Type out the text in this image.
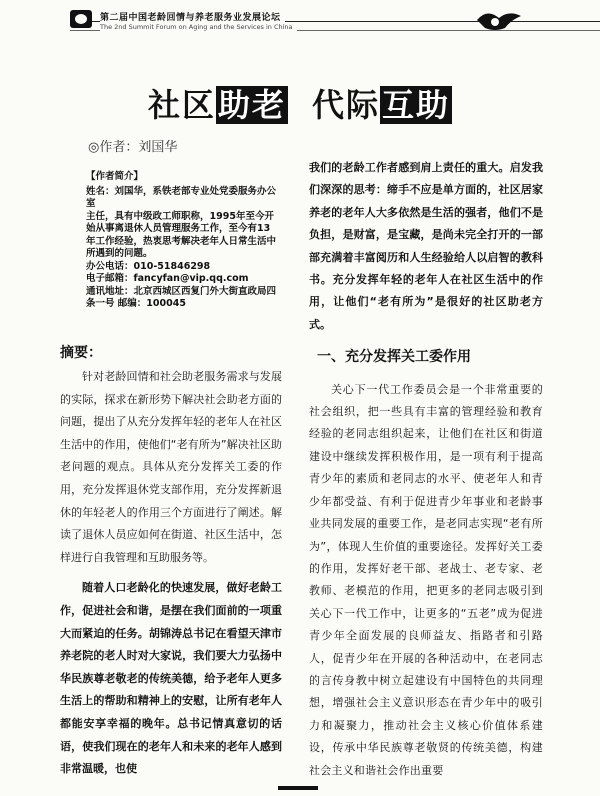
第二届中国老龄回情与养老服务业发展论坛
The 2nd Summit Forum on Aging and the Services in China
社区助老 代际互助
◎作者：刘国华
【作者简介】

姓名：刘国华，系铁老部专业处党委服务办公室

主任，具有中级政工师职称，1995年至今开

始从事离退休人员管理服务工作，至今有13

年工作经验，热衷思考解决老年人日常生活中

所遇到的问题。

办公电话：010-51846298

电子邮箱：fancyfan@vip.qq.com

通讯地址：北京西城区西复门外大街直政局四

条一号 邮编：100045

摘要：

针对老龄回情和社会助老服务需求与发展的实际，探求在新形势下解决社会助老方面的问题，提出了从充分发挥年轻的老年人在社区生活中的作用，使他们“老有所为”解决社区助老问题的观点。具体从充分发挥关工委的作用，充分发挥退休党支部作用，充分发挥新退休的年轻老人的作用三个方面进行了阐述。解读了退休人员应如何在街道、社区生活中，怎样进行自我管理和互助服务等。

随着人口老龄化的快速发展，做好老龄工作，促进社会和谐，是摆在我们面前的一项重大而紧迫的任务。胡锦涛总书记在看望天津市养老院的老人时对大家说，我们要大力弘扬中华民族尊老敬老的传统美德，给予老年人更多生活上的帮助和精神上的安慰，让所有老年人都能安享幸福的晚年。总书记情真意切的话语，使我们现在的老年人和未来的老年人感到非常温暖，也使

我们的老龄工作者感到肩上责任的重大。启发我们深深的思考：缔手不应是单方面的，社区居家养老的老年人大多依然是生活的强者，他们不是负担，是财富，是宝藏，是尚未完全打开的一部部充满着丰富阅历和人生经验给人以启智的教科书。充分发挥年轻的老年人在社区生活中的作用，让他们“老有所为”是很好的社区助老方式。

一、充分发挥关工委作用

关心下一代工作委员会是一个非常重要的社会组织，把一些具有丰富的管理经验和教育经验的老同志组织起来，让他们在社区和街道建设中继续发挥积极作用，是一项有利于提高青少年的素质和老同志的水平、使老年人和青少年都受益、有利于促进青少年事业和老龄事业共同发展的重要工作，是老同志实现“老有所为”，体现人生价值的重要途径。发挥好关工委的作用，发挥好老干部、老战士、老专家、老教师、老模范的作用，把更多的老同志吸引到关心下一代工作中，让更多的“五老”成为促进青少年全面发展的良师益友、指路者和引路人，促青少年在开展的各种活动中，在老同志的言传身教中树立起建设有中国特色的共同理想，增强社会主义意识形态在青少年中的吸引力和凝聚力，推动社会主义核心价值体系建设，传承中华民族尊老敬贤的传统美德，构建社会主义和谐社会作出重要
